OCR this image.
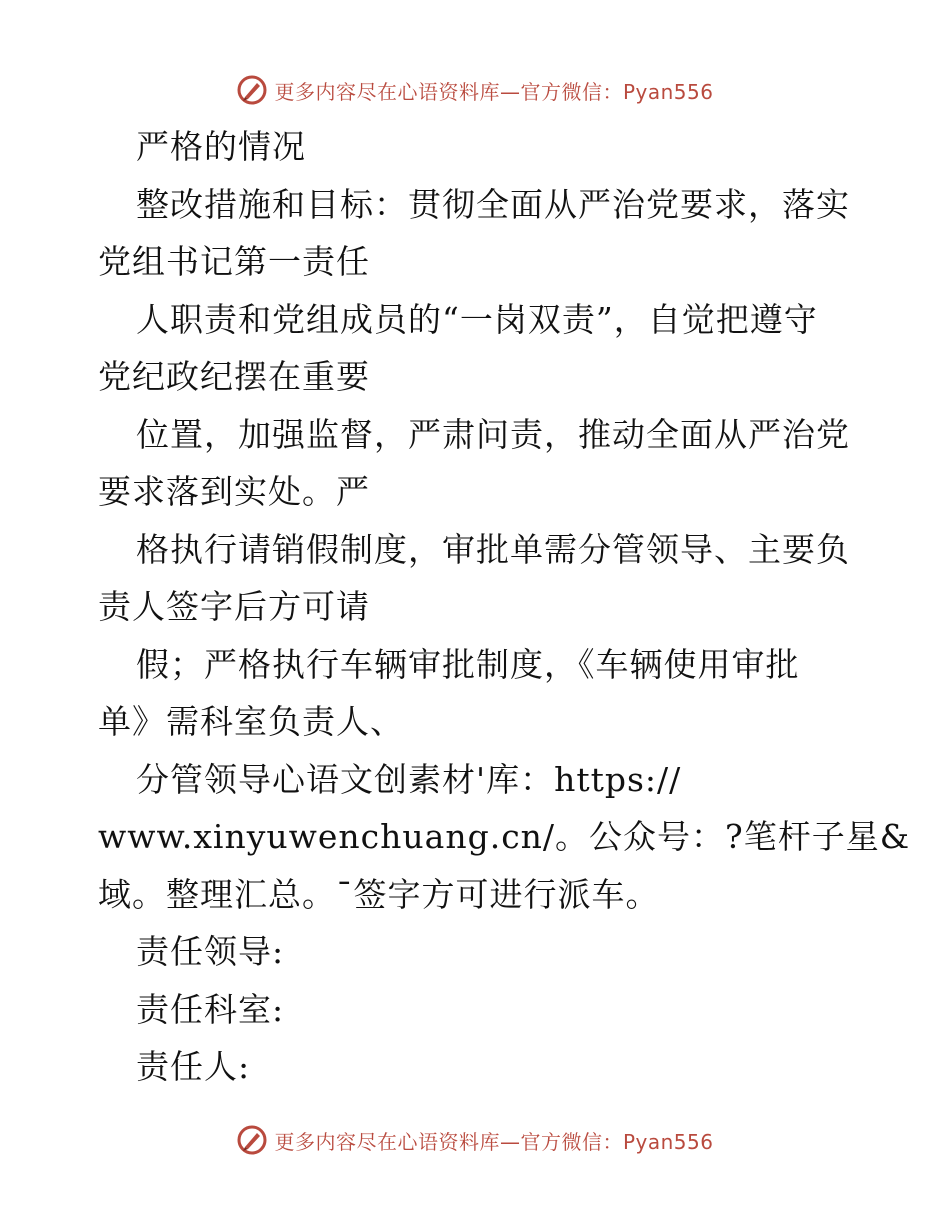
更多内容尽在心语资料库—官方微信：Pyan556
严格的情况
整改措施和目标：贯彻全面从严治党要求，落实
党组书记第一责任
人职责和党组成员的“一岗双责”，自觉把遵守
党纪政纪摆在重要
位置，加强监督，严肃问责，推动全面从严治党
要求落到实处。严
格执行请销假制度，审批单需分管领导、主要负
责人签字后方可请
假；严格执行车辆审批制度，《车辆使用审批
单》需科室负责人、
分管领导心语文创素材'库：https://
www.xinyuwenchuang.cn/。公众号：?笔杆子星&
域。整理汇总。¯签字方可进行派车。
责任领导:
责任科室:
责任人:
更多内容尽在心语资料库—官方微信：Pyan556
